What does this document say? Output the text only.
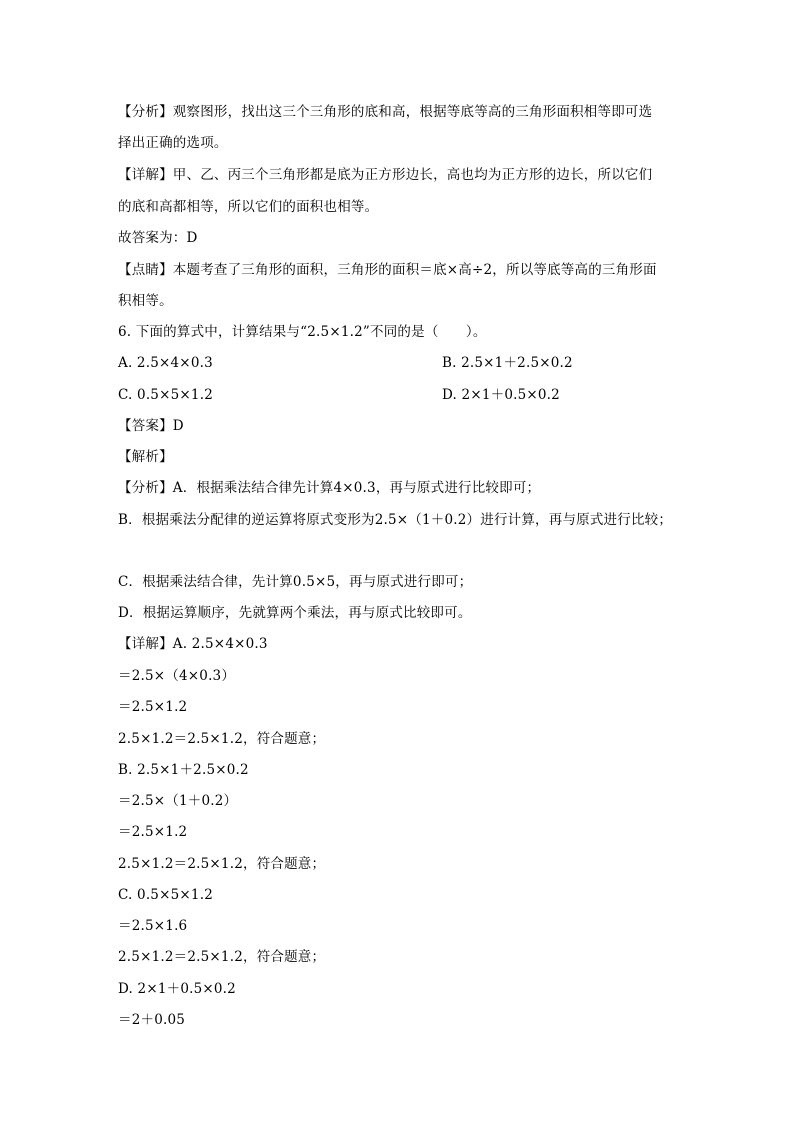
【分析】观察图形，找出这三个三角形的底和高，根据等底等高的三角形面积相等即可选
择出正确的选项。
【详解】甲、乙、丙三个三角形都是底为正方形边长，高也均为正方形的边长，所以它们
的底和高都相等，所以它们的面积也相等。
故答案为：D
【点睛】本题考查了三角形的面积，三角形的面积＝底×高÷2，所以等底等高的三角形面
积相等。
6. 下面的算式中，计算结果与“2.5×1.2”不同的是（　　）。
A. 2.5×4×0.3	B. 2.5×1＋2.5×0.2
C. 0.5×5×1.2	D. 2×1＋0.5×0.2
【答案】D
【解析】
【分析】A．根据乘法结合律先计算4×0.3，再与原式进行比较即可；
B．根据乘法分配律的逆运算将原式变形为2.5×（1＋0.2）进行计算，再与原式进行比较；
C．根据乘法结合律，先计算0.5×5，再与原式进行即可；
D．根据运算顺序，先就算两个乘法，再与原式比较即可。
【详解】A. 2.5×4×0.3
＝2.5×（4×0.3）
＝2.5×1.2
2.5×1.2＝2.5×1.2，符合题意；
B. 2.5×1＋2.5×0.2
＝2.5×（1＋0.2）
＝2.5×1.2
2.5×1.2＝2.5×1.2，符合题意；
C. 0.5×5×1.2
＝2.5×1.6
2.5×1.2＝2.5×1.2，符合题意；
D. 2×1＋0.5×0.2
＝2＋0.05
